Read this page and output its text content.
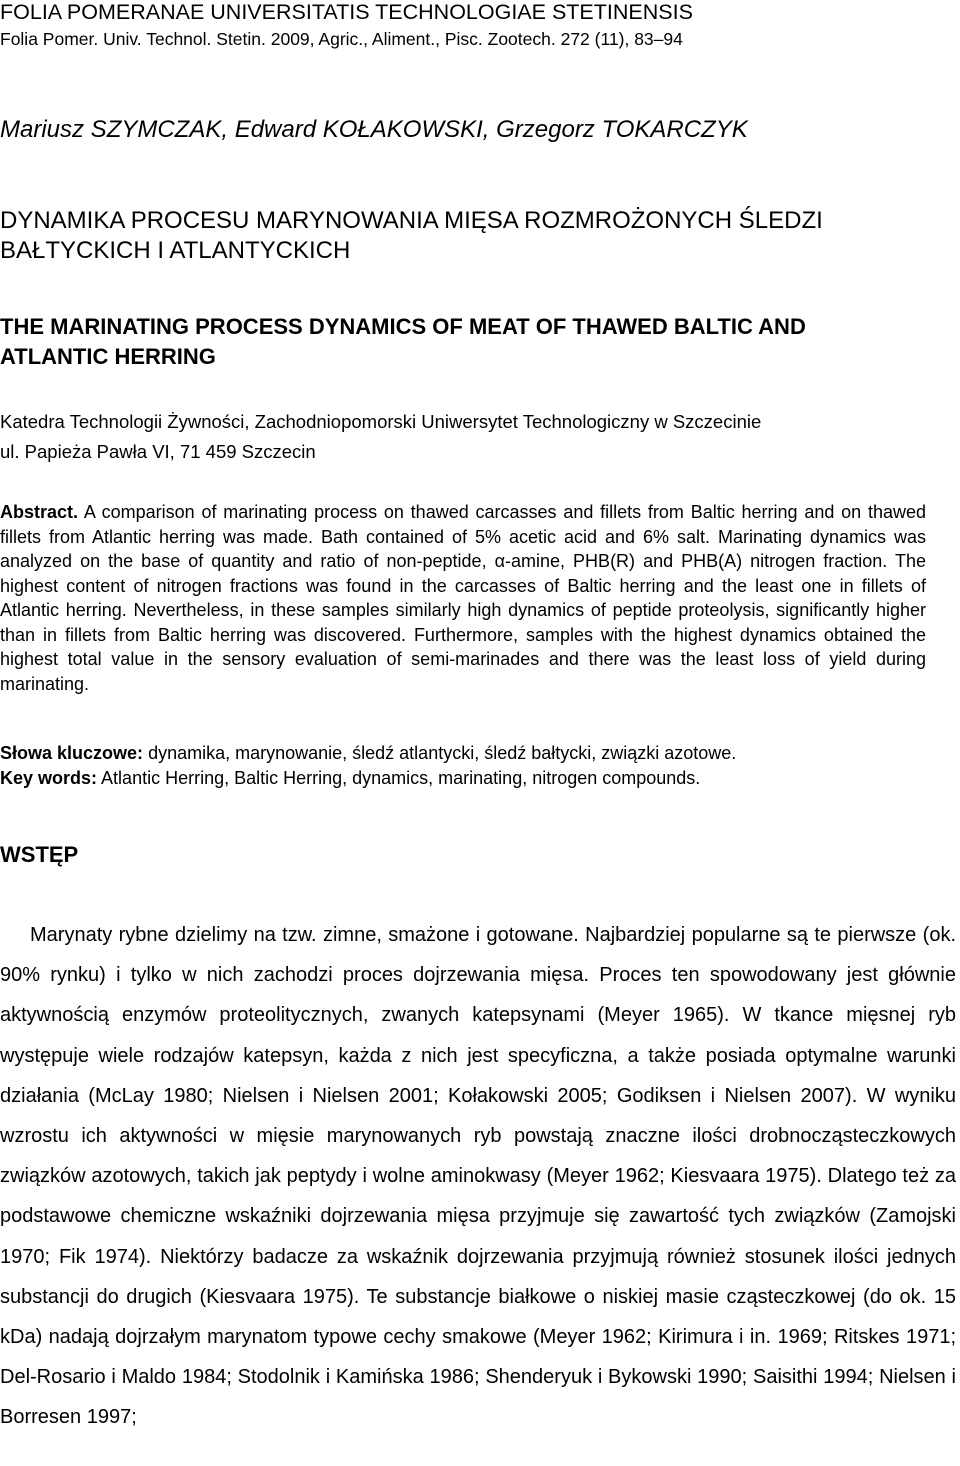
FOLIA POMERANAE UNIVERSITATIS TECHNOLOGIAE STETINENSIS

Folia Pomer. Univ. Technol. Stetin. 2009, Agric., Aliment., Pisc. Zootech. 272 (11), 83–94

Mariusz SZYMCZAK, Edward KOŁAKOWSKI, Grzegorz TOKARCZYK

DYNAMIKA PROCESU MARYNOWANIA MIĘSA ROZMROŻONYCH ŚLEDZI BAŁTYCKICH I ATLANTYCKICH

THE MARINATING PROCESS DYNAMICS OF MEAT OF THAWED BALTIC AND ATLANTIC HERRING

Katedra Technologii Żywności, Zachodniopomorski Uniwersytet Technologiczny w Szczecinie
ul. Papieża Pawła VI, 71 459 Szczecin

Abstract. A comparison of marinating process on thawed carcasses and fillets from Baltic herring and on thawed fillets from Atlantic herring was made. Bath contained of 5% acetic acid and 6% salt. Marinating dynamics was analyzed on the base of quantity and ratio of non-peptide, α-amine, PHB(R) and PHB(A) nitrogen fraction. The highest content of nitrogen fractions was found in the carcasses of Baltic herring and the least one in fillets of Atlantic herring. Nevertheless, in these samples similarly high dynamics of peptide proteolysis, significantly higher than in fillets from Baltic herring was discovered. Furthermore, samples with the highest dynamics obtained the highest total value in the sensory evaluation of semi-marinades and there was the least loss of yield during marinating.

Słowa kluczowe: dynamika, marynowanie, śledź atlantycki, śledź bałtycki, związki azotowe.

Key words: Atlantic Herring, Baltic Herring, dynamics, marinating, nitrogen compounds.

WSTĘP

Marynaty rybne dzielimy na tzw. zimne, smażone i gotowane. Najbardziej popularne są te pierwsze (ok. 90% rynku) i tylko w nich zachodzi proces dojrzewania mięsa. Proces ten spowodowany jest głównie aktywnością enzymów proteolitycznych, zwanych katepsynami (Meyer 1965). W tkance mięsnej ryb występuje wiele rodzajów katepsyn, każda z nich jest specyficzna, a także posiada optymalne warunki działania (McLay 1980; Nielsen i Nielsen 2001; Kołakowski 2005; Godiksen i Nielsen 2007). W wyniku wzrostu ich aktywności w mięsie marynowanych ryb powstają znaczne ilości drobnocząsteczkowych związków azotowych, takich jak peptydy i wolne aminokwasy (Meyer 1962; Kiesvaara 1975). Dlatego też za podstawowe chemiczne wskaźniki dojrzewania mięsa przyjmuje się zawartość tych związków (Zamojski 1970; Fik 1974). Niektórzy badacze za wskaźnik dojrzewania przyjmują również stosunek ilości jednych substancji do drugich (Kiesvaara 1975). Te substancje białkowe o niskiej masie cząsteczkowej (do ok. 15 kDa) nadają dojrzałym marynatom typowe cechy smakowe (Meyer 1962; Kirimura i in. 1969; Ritskes 1971; Del-Rosario i Maldo 1984; Stodolnik i Kamińska 1986; Shenderyuk i Bykowski 1990; Saisithi 1994; Nielsen i Borresen 1997;
